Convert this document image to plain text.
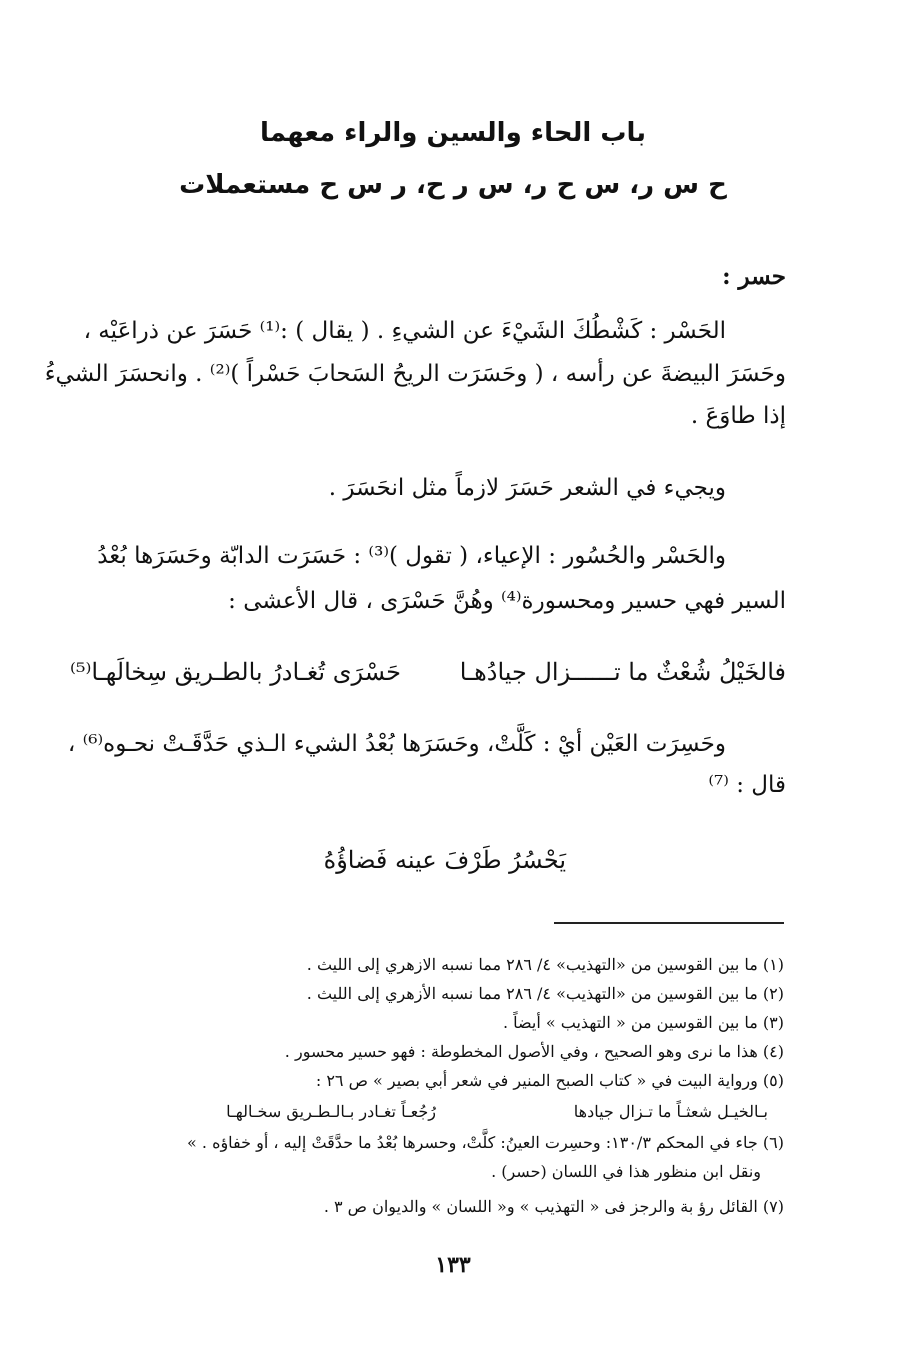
باب الحاء والسين والراء معهما
ح س ر، س ح ر، س ر ح، ر س ح مستعملات
حسر :
الحَسْر : كَشْطُكَ الشَيْءَ عن الشيءِ . ( يقال ) :⁽¹⁾ حَسَرَ عن ذراعَيْه ،
وحَسَرَ البيضةَ عن رأسه ، ( وحَسَرَت الريحُ السَحابَ حَسْراً )⁽²⁾ . وانحسَرَ الشيءُ
إذا طاوَعَ .
ويجيء في الشعر حَسَرَ لازماً مثل انحَسَرَ .
والحَسْر والحُسُور : الإعياء، ( تقول )⁽³⁾ : حَسَرَت الدابّة وحَسَرَها بُعْدُ
السير فهي حسير ومحسورة⁽⁴⁾ وهُنَّ حَسْرَى ، قال الأعشى :
فالخَيْلُ شُعْثٌ ما تــــــزال جيادُهـا
حَسْرَى تُغـادرُ بالطـريق سِخالَهـا⁽⁵⁾
وحَسِرَت العَيْن أيْ : كَلَّتْ، وحَسَرَها بُعْدُ الشيء الـذي حَدَّقَـتْ نحـوه⁽⁶⁾ ،
قال : ⁽⁷⁾
يَحْسُرُ طَرْفَ عينه فَضاؤُهُ
(١) ما بين القوسين من «التهذيب» ٤/ ٢٨٦ مما نسبه الازهري إلى الليث .
(٢) ما بين القوسين من «التهذيب» ٤/ ٢٨٦ مما نسبه الأزهري إلى الليث .
(٣) ما بين القوسين من « التهذيب » أيضاً .
(٤) هذا ما نرى وهو الصحيح ، وفي الأصول المخطوطة : فهو حسير محسور .
(٥) ورواية البيت في « كتاب الصبح المنير في شعر أبي بصير » ص ٢٦ :
بـالخيـل شعثـاً ما تـزال جيادها
رُجُعـاً تغـادر بـالـطـريق سخـالهـا
(٦) جاء في المحكم ١٣٠/٣: وحسِرت العينُ: كلَّتْ، وحسرها بُعْدُ ما حدَّقَتْ إليه ، أو خفاؤه . »
ونقل ابن منظور هذا في اللسان (حسر) .
(٧) القائل رؤ بة والرجز فى « التهذيب » و« اللسان » والديوان ص ٣ .
١٣٣
